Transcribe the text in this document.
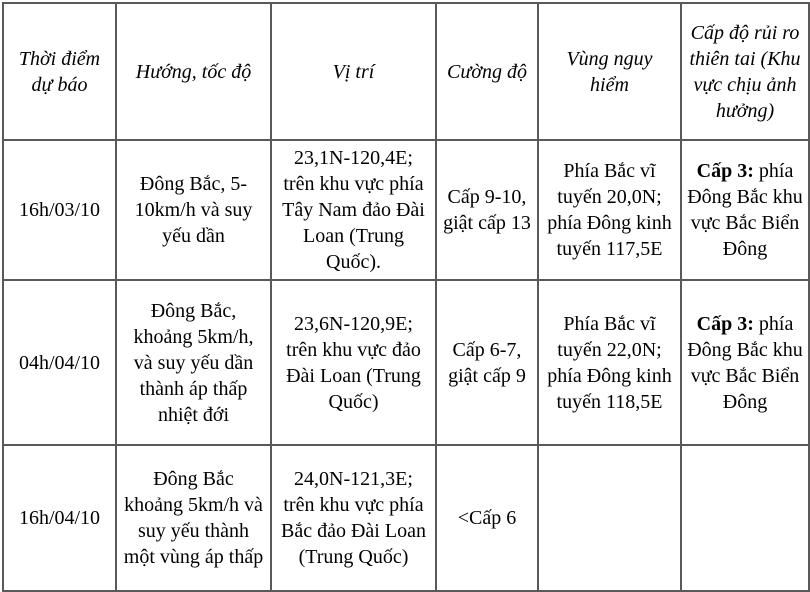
Thời điểm dự báo	Hướng, tốc độ	Vị trí	Cường độ	Vùng nguy hiểm	Cấp độ rủi ro thiên tai (Khu vực chịu ảnh hưởng)
16h/03/10	Đông Bắc, 5-10km/h và suy yếu dần	23,1N-120,4E; trên khu vực phía Tây Nam đảo Đài Loan (Trung Quốc).	Cấp 9-10, giật cấp 13	Phía Bắc vĩ tuyến 20,0N; phía Đông kinh tuyến 117,5E	Cấp 3: phía Đông Bắc khu vực Bắc Biển Đông
04h/04/10	Đông Bắc, khoảng 5km/h, và suy yếu dần thành áp thấp nhiệt đới	23,6N-120,9E; trên khu vực đảo Đài Loan (Trung Quốc)	Cấp 6-7, giật cấp 9	Phía Bắc vĩ tuyến 22,0N; phía Đông kinh tuyến 118,5E	Cấp 3: phía Đông Bắc khu vực Bắc Biển Đông
16h/04/10	Đông Bắc khoảng 5km/h và suy yếu thành một vùng áp thấp	24,0N-121,3E; trên khu vực phía Bắc đảo Đài Loan (Trung Quốc)	<Cấp 6		
